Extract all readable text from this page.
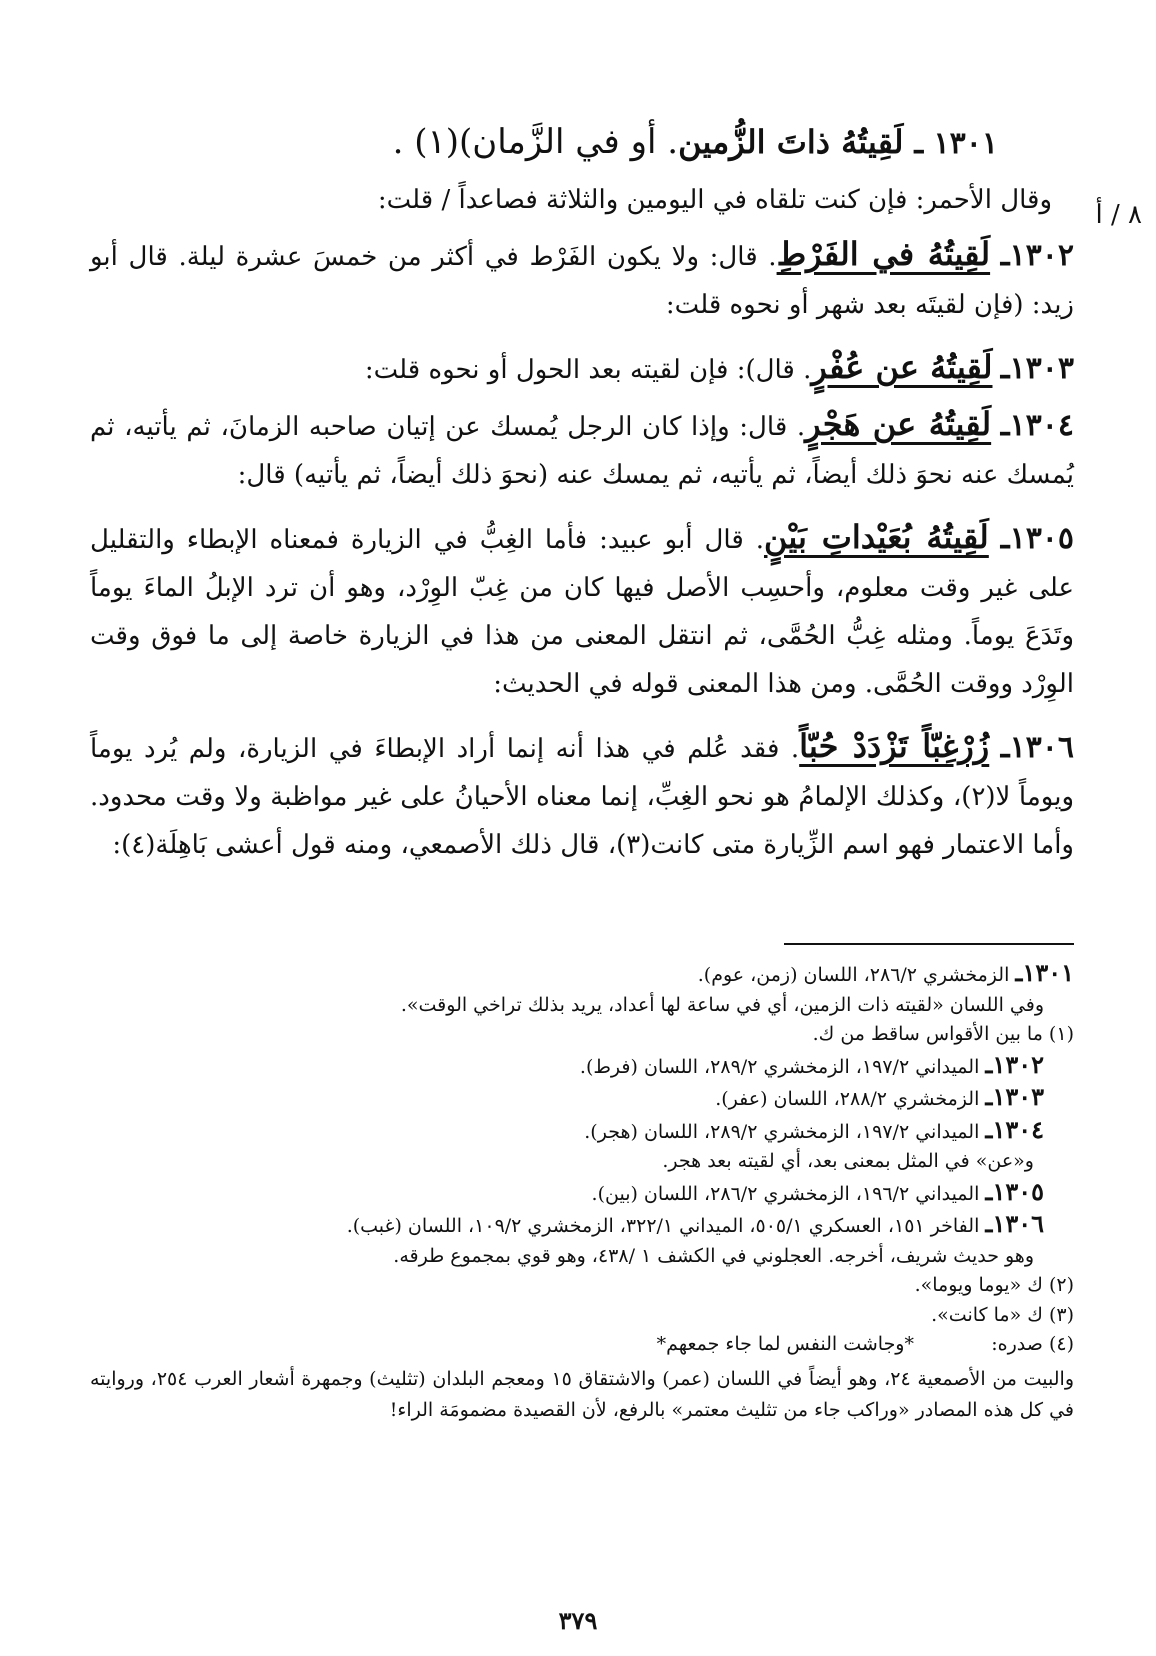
٨ / أ

١٣٠١ ـ لَقِيتُهُ ذاتَ الزُّمين. أو في الزَّمان)(١) .

وقال الأحمر: فإن كنت تلقاه في اليومين والثلاثة فصاعداً / قلت:

١٣٠٢ـ لَقِيتُهُ في الفَرْطِ. قال: ولا يكون الفَرْط في أكثر من خمسَ عشرة ليلة. قال أبو زيد: (فإن لقيتَه بعد شهر أو نحوه قلت:

١٣٠٣ـ لَقِيتُهُ عن عُفْرٍ. قال): فإن لقيته بعد الحول أو نحوه قلت:

١٣٠٤ـ لَقِيتُهُ عن هَجْرٍ. قال: وإذا كان الرجل يُمسك عن إتيان صاحبه الزمانَ، ثم يأتيه، ثم يُمسك عنه نحوَ ذلك أيضاً، ثم يأتيه، ثم يمسك عنه (نحوَ ذلك أيضاً، ثم يأتيه) قال:

١٣٠٥ـ لَقِيتُهُ بُعَيْداتِ بَيْنٍ. قال أبو عبيد: فأما الغِبُّ في الزيارة فمعناه الإبطاء والتقليل على غير وقت معلوم، وأحسِب الأصل فيها كان من غِبّ الوِرْد، وهو أن ترد الإبلُ الماءَ يوماً وتَدَعَ يوماً. ومثله غِبُّ الحُمَّى، ثم انتقل المعنى من هذا في الزيارة خاصة إلى ما فوق وقت الوِرْد ووقت الحُمَّى. ومن هذا المعنى قوله في الحديث:

١٣٠٦ـ زُرْغِبّاً تَزْدَدْ حُبّاً. فقد عُلم في هذا أنه إنما أراد الإبطاءَ في الزيارة، ولم يُرد يوماً ويوماً لا(٢)، وكذلك الإلمامُ هو نحو الغِبِّ، إنما معناه الأحيانُ على غير مواظبة ولا وقت محدود. وأما الاعتمار فهو اسم الزِّيارة متى كانت(٣)، قال ذلك الأصمعي، ومنه قول أعشى بَاهِلَة(٤):

١٣٠١ـ الزمخشري ٢٨٦/٢، اللسان (زمن، عوم).
وفي اللسان «لقيته ذات الزمين، أي في ساعة لها أعداد، يريد بذلك تراخي الوقت».
(١) ما بين الأقواس ساقط من ك.
١٣٠٢ـ الميداني ١٩٧/٢، الزمخشري ٢٨٩/٢، اللسان (فرط).
١٣٠٣ـ الزمخشري ٢٨٨/٢، اللسان (عفر).
١٣٠٤ـ الميداني ١٩٧/٢، الزمخشري ٢٨٩/٢، اللسان (هجر).
و«عن» في المثل بمعنى بعد، أي لقيته بعد هجر.
١٣٠٥ـ الميداني ١٩٦/٢، الزمخشري ٢٨٦/٢، اللسان (بين).
١٣٠٦ـ الفاخر ١٥١، العسكري ٥٠٥/١، الميداني ٣٢٢/١، الزمخشري ١٠٩/٢، اللسان (غبب).
وهو حديث شريف، أخرجه. العجلوني في الكشف ١ /٤٣٨، وهو قوي بمجموع طرقه.
(٢) ك «يوما ويوما».
(٣) ك «ما كانت».
(٤) صدره:*وجاشت النفس لما جاء جمعهم*
والبيت من الأصمعية ٢٤، وهو أيضاً في اللسان (عمر) والاشتقاق ١٥ ومعجم البلدان (تثليث) وجمهرة أشعار العرب ٢٥٤، وروايته في كل هذه المصادر «وراكب جاء من تثليث معتمر» بالرفع، لأن القصيدة مضمومَة الراء!
٣٧٩
